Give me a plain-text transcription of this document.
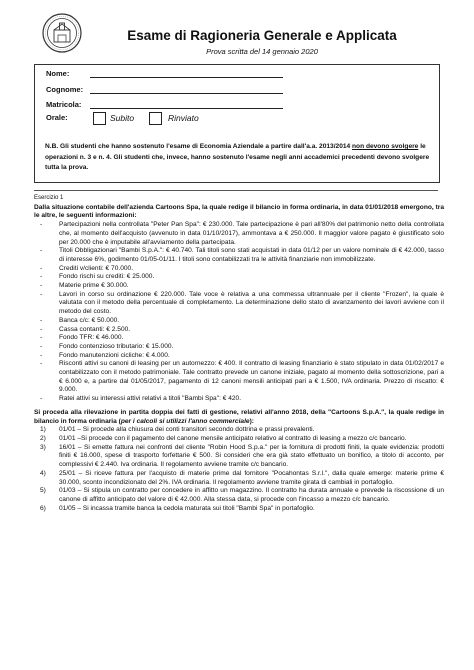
Esame di Ragioneria Generale e Applicata
Prova scritta del 14 gennaio 2020
Nome:
Cognome:
Matricola:
Orale:	Subito	Rinviato
N.B. Gli studenti che hanno sostenuto l'esame di Economia Aziendale a partire dall'a.a. 2013/2014 non devono svolgere le operazioni n. 3 e n. 4. Gli studenti che, invece, hanno sostenuto l'esame negli anni accademici precedenti devono svolgere tutta la prova.
Esercizio 1
Dalla situazione contabile dell'azienda Cartoons Spa, la quale redige il bilancio in forma ordinaria, in data 01/01/2018 emergono, tra le altre, le seguenti informazioni:
- Partecipazioni nella controllata "Peter Pan Spa": € 230.000. Tale partecipazione è pari all'80% del patrimonio netto della controllata che, al momento dell'acquisto (avvenuto in data 01/10/2017), ammontava a € 250.000. Il maggior valore pagato è giustificato solo per 20.000 che è imputabile all'avviamento della partecipata.
- Titoli Obbligazionari "Bambi S.p.A.": € 40.740. Tali titoli sono stati acquistati in data 01/12 per un valore nominale di € 42.000, tasso di interesse 6%, godimento 01/05-01/11. I titoli sono contabilizzati tra le attività finanziarie non immobilizzate.
- Crediti v/clienti: € 70.000.
- Fondo rischi su crediti: € 25.000.
- Materie prime € 30.000.
- Lavori in corso su ordinazione € 220.000. Tale voce è relativa a una commessa ultrannuale per il cliente "Frozen", la quale è valutata con il metodo della percentuale di completamento. La determinazione dello stato di avanzamento dei lavori avviene con il metodo del costo.
- Banca c/c: € 50.000.
- Cassa contanti: € 2.500.
- Fondo TFR: € 46.000.
- Fondo contenzioso tributario: € 15.000.
- Fondo manutenzioni cicliche: € 4.000.
- Risconti attivi su canoni di leasing per un autornezzo: € 400. Il contratto di leasing finanziario è stato stipulato in data 01/02/2017 e contabilizzato con il metodo patrimoniale. Tale contratto prevede un canone iniziale, pagato al momento della sottoscrizione, pari a € 6.000 e, a partire dal 01/05/2017, pagamento di 12 canoni mensili anticipati pari a € 1.500, IVA ordinaria. Prezzo di riscatto: € 9.000.
- Ratei attivi su interessi attivi relativi a titoli "Bambi Spa": € 420.
Si proceda alla rilevazione in partita doppia dei fatti di gestione, relativi all'anno 2018, della "Cartoons S.p.A.", la quale redige in bilancio in forma ordinaria (per i calcoli si utilizzi l'anno commerciale):
1) 01/01 – Si procede alla chiusura dei conti transitori secondo dottrina e prassi prevalenti.
2) 01/01 –Si procede con il pagamento del canone mensile anticipato relativo al contratto di leasing a mezzo c/c bancario.
3) 16/01 – Si emette fattura nei confronti del cliente "Robin Hood S.p.a." per la fornitura di prodotti finiti, la quale evidenzia: prodotti finiti € 16.000, spese di trasporto forfettarie € 500. Si consideri che era già stato effettuato un bonifico, a titolo di acconto, per complessivi € 2.440. Iva ordinaria. Il regolamento avviene tramite c/c bancario.
4) 25/01 – Si riceve fattura per l'acquisto di materie prime dal fornitore "Pocahontas S.r.l.", dalla quale emerge: materie prime € 30.000, sconto incondizionato del 2%. IVA ordinaria. Il regolamento avviene tramite girata di cambiali in portafoglio.
5) 01/03 – Si stipula un contratto per concedere in affitto un magazzino. Il contratto ha durata annuale e prevede la riscossione di un canone di affitto anticipato del valore di € 42.000. Alla stessa data, si procede con l'incasso a mezzo c/c bancario.
6) 01/05 – Si incassa tramite banca la cedola maturata sui titoli "Bambi Spa" in portafoglio.
